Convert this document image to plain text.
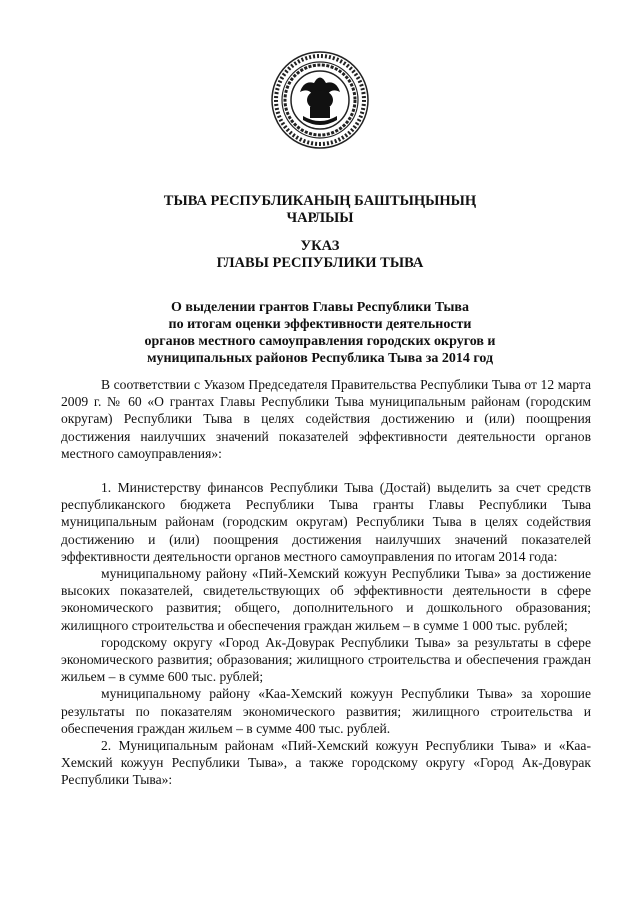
ТЫВА РЕСПУБЛИКАНЫҢ БАШТЫҢЫНЫҢ
ЧАРЛЫЫ
УКАЗ
ГЛАВЫ РЕСПУБЛИКИ ТЫВА
О выделении грантов Главы Республики Тыва
по итогам оценки эффективности деятельности
органов местного самоуправления городских округов и
муниципальных районов Республика Тыва за 2014 год

В соответствии с Указом Председателя Правительства Республики Тыва от 12 марта 2009 г. № 60 «О грантах Главы Республики Тыва муниципальным районам (городским округам) Республики Тыва в целях содействия достижению и (или) поощрения достижения наилучших значений показателей эффективности деятельности органов местного самоуправления»:

1. Министерству финансов Республики Тыва (Достай) выделить за счет средств республиканского бюджета Республики Тыва гранты Главы Республики Тыва муниципальным районам (городским округам) Республики Тыва в целях содействия достижению и (или) поощрения достижения наилучших значений показателей эффективности деятельности органов местного самоуправления по итогам 2014 года:

муниципальному району «Пий-Хемский кожуун Республики Тыва» за достижение высоких показателей, свидетельствующих об эффективности деятельности в сфере экономического развития; общего, дополнительного и дошкольного образования; жилищного строительства и обеспечения граждан жильем – в сумме 1 000 тыс. рублей;

городскому округу «Город Ак-Довурак Республики Тыва» за результаты в сфере экономического развития; образования; жилищного строительства и обеспечения граждан жильем – в сумме 600 тыс. рублей;

муниципальному району «Каа-Хемский кожуун Республики Тыва» за хорошие результаты по показателям экономического развития; жилищного строительства и обеспечения граждан жильем – в сумме 400 тыс. рублей.

2. Муниципальным районам «Пий-Хемский кожуун Республики Тыва» и «Каа-Хемский кожуун Республики Тыва», а также городскому округу «Город Ак-Довурак Республики Тыва»:
